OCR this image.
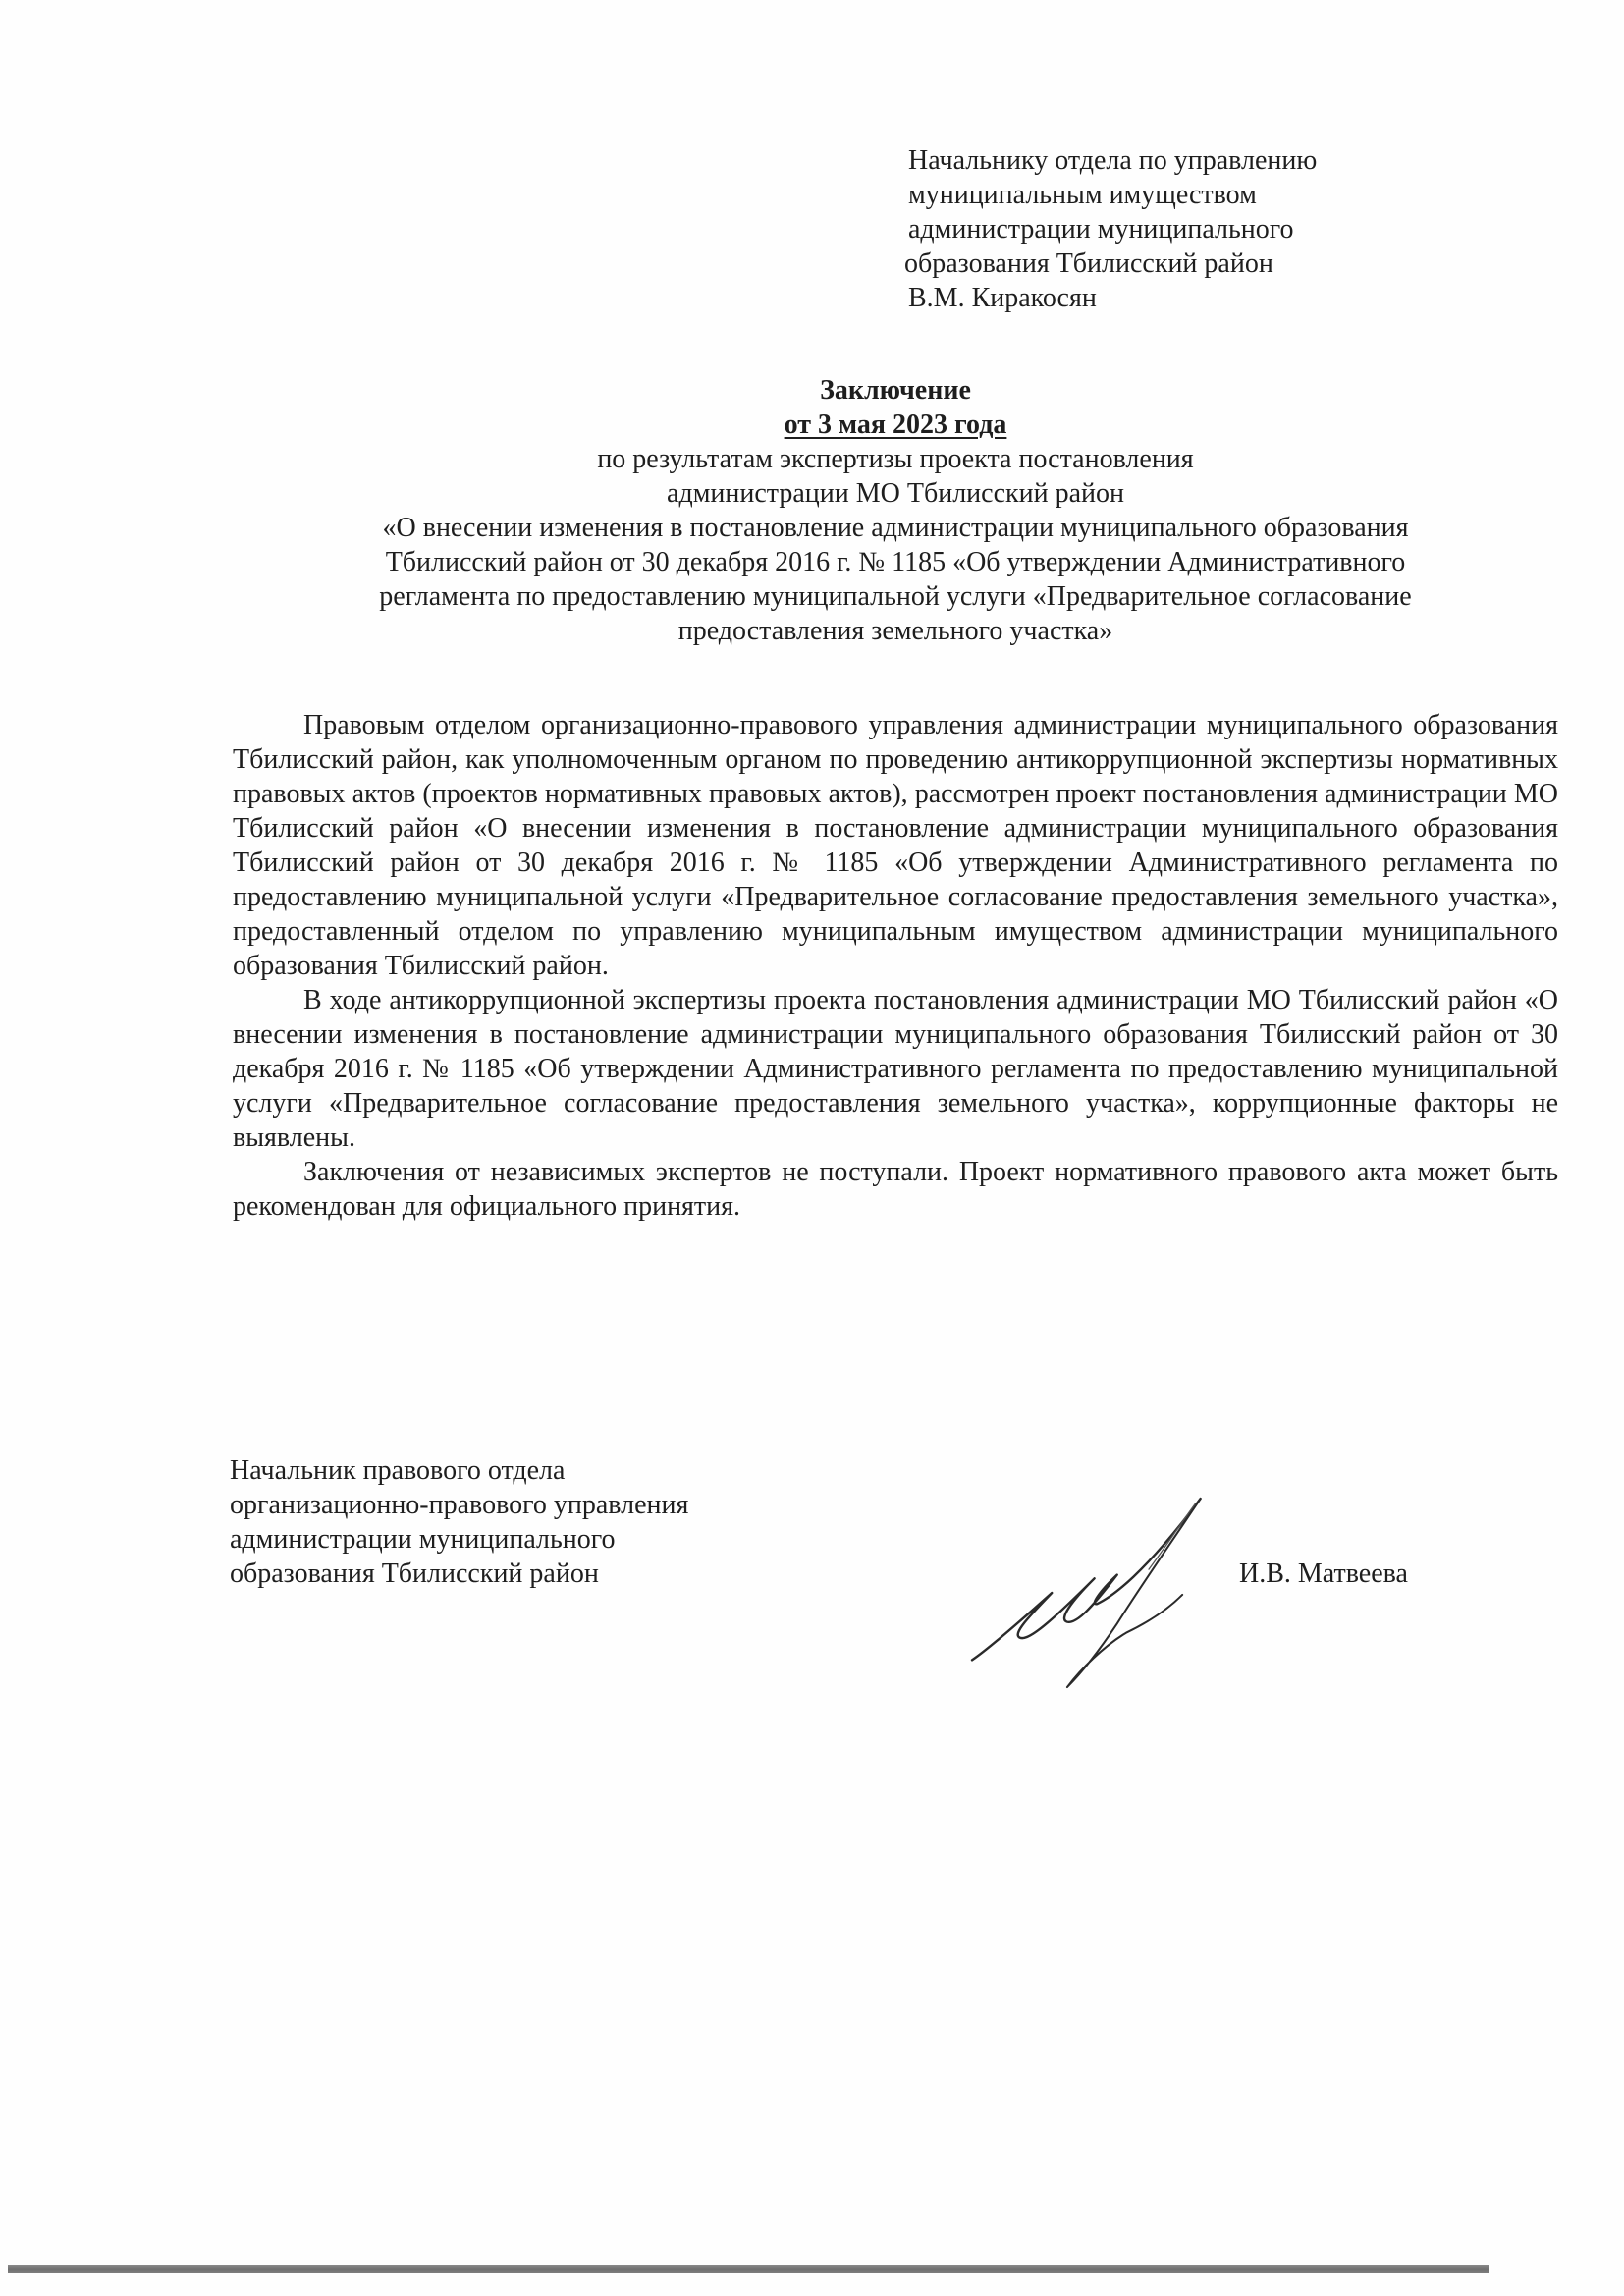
Начальнику отдела по управлению
муниципальным имуществом
администрации муниципального
образования Тбилисский район
В.М. Киракосян
Заключение
от 3 мая 2023 года
по результатам экспертизы проекта постановления
администрации МО Тбилисский район
«О внесении изменения в постановление администрации муниципального образования
Тбилисский район от 30 декабря 2016 г. № 1185 «Об утверждении Административного
регламента по предоставлению муниципальной услуги «Предварительное согласование
предоставления земельного участка»

Правовым отделом организационно-правового управления администрации муниципального образования Тбилисский район, как уполномоченным органом по проведению антикоррупционной экспертизы нормативных правовых актов (проектов нормативных правовых актов), рассмотрен проект постановления администрации МО Тбилисский район «О внесении изменения в постановление администрации муниципального образования Тбилисский район от 30 декабря 2016 г. № 1185 «Об утверждении Административного регламента по предоставлению муниципальной услуги «Предварительное согласование предоставления земельного участка», предоставленный отделом по управлению муниципальным имуществом администрации муниципального образования Тбилисский район.

В ходе антикоррупционной экспертизы проекта постановления администрации МО Тбилисский район «О внесении изменения в постановление администрации муниципального образования Тбилисский район от 30 декабря 2016 г. № 1185 «Об утверждении Административного регламента по предоставлению муниципальной услуги «Предварительное согласование предоставления земельного участка», коррупционные факторы не выявлены.

Заключения от независимых экспертов не поступали. Проект нормативного правового акта может быть рекомендован для официального принятия.

Начальник правового отдела
организационно-правового управления
администрации муниципального
образования Тбилисский район	И.В. Матвеева
